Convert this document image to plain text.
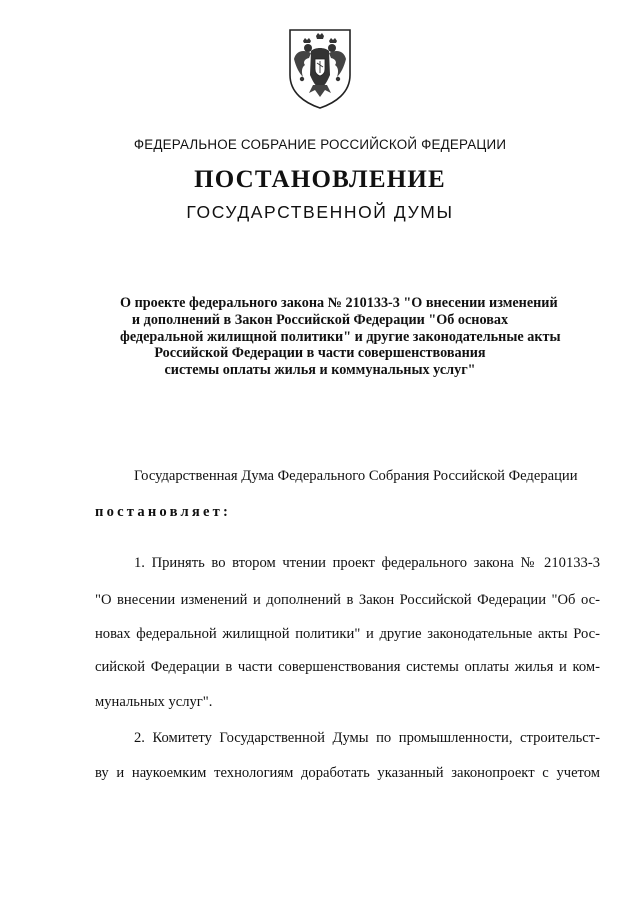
ФЕДЕРАЛЬНОЕ СОБРАНИЕ РОССИЙСКОЙ ФЕДЕРАЦИИ
ПОСТАНОВЛЕНИЕ
ГОСУДАРСТВЕННОЙ ДУМЫ
О проекте федерального закона № 210133-3 "О внесении изменений
и дополнений в Закон Российской Федерации "Об основах
федеральной жилищной политики" и другие законодательные акты
Российской Федерации в части совершенствования
системы оплаты жилья и коммунальных услуг"
Государственная Дума Федерального Собрания Российской Федерации
постановляет:
1. Принять во втором чтении проект федерального закона № 210133-3
"О внесении изменений и дополнений в Закон Российской Федерации "Об ос-
новах федеральной жилищной политики" и другие законодательные акты Рос-
сийской Федерации в части совершенствования системы оплаты жилья и ком-
мунальных услуг".
2. Комитету Государственной Думы по промышленности, строительст-
ву и наукоемким технологиям доработать указанный законопроект с учетом
